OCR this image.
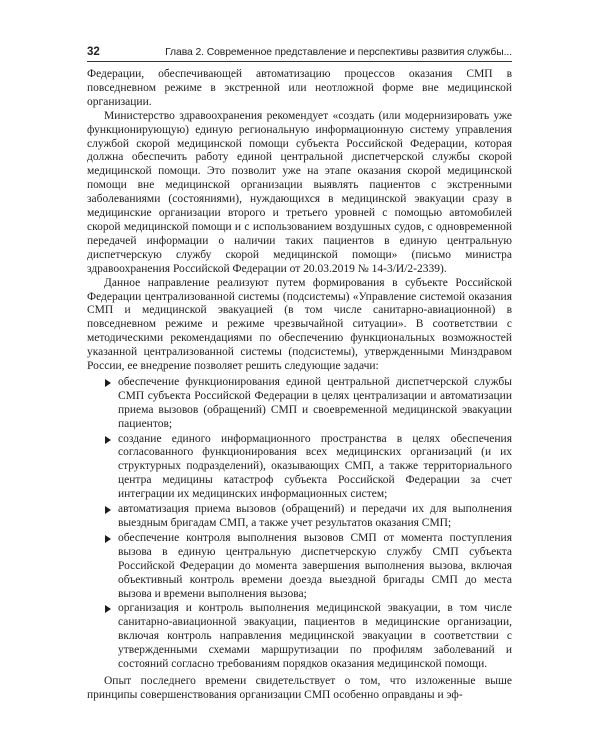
32	Глава 2. Современное представление и перспективы развития службы...

Федерации, обеспечивающей автоматизацию процессов оказания СМП в повседневном режиме в экстренной или неотложной форме вне медицинской организации.

Министерство здравоохранения рекомендует «создать (или модернизировать уже функционирующую) единую региональную информационную систему управления службой скорой медицинской помощи субъекта Российской Федерации, которая должна обеспечить работу единой центральной диспетчерской службы скорой медицинской помощи. Это позволит уже на этапе оказания скорой медицинской помощи вне медицинской организации выявлять пациентов с экстренными заболеваниями (состояниями), нуждающихся в медицинской эвакуации сразу в медицинские организации второго и третьего уровней с помощью автомобилей скорой медицинской помощи и с использованием воздушных судов, с одновременной передачей информации о наличии таких пациентов в единую центральную диспетчерскую службу скорой медицинской помощи» (письмо министра здравоохранения Российской Федерации от 20.03.2019 № 14-3/И/2-2339).

Данное направление реализуют путем формирования в субъекте Российской Федерации централизованной системы (подсистемы) «Управление системой оказания СМП и медицинской эвакуацией (в том числе санитарно-авиационной) в повседневном режиме и режиме чрезвычайной ситуации». В соответствии с методическими рекомендациями по обеспечению функциональных возможностей указанной централизованной системы (подсистемы), утвержденными Минздравом России, ее внедрение позволяет решить следующие задачи:

обеспечение функционирования единой центральной диспетчерской службы СМП субъекта Российской Федерации в целях централизации и автоматизации приема вызовов (обращений) СМП и своевременной медицинской эвакуации пациентов;
создание единого информационного пространства в целях обеспечения согласованного функционирования всех медицинских организаций (и их структурных подразделений), оказывающих СМП, а также территориального центра медицины катастроф субъекта Российской Федерации за счет интеграции их медицинских информационных систем;
автоматизация приема вызовов (обращений) и передачи их для выполнения выездным бригадам СМП, а также учет результатов оказания СМП;
обеспечение контроля выполнения вызовов СМП от момента поступления вызова в единую центральную диспетчерскую службу СМП субъекта Российской Федерации до момента завершения выполнения вызова, включая объективный контроль времени доезда выездной бригады СМП до места вызова и времени выполнения вызова;
организация и контроль выполнения медицинской эвакуации, в том числе санитарно-авиационной эвакуации, пациентов в медицинские организации, включая контроль направления медицинской эвакуации в соответствии с утвержденными схемами маршрутизации по профилям заболеваний и состояний согласно требованиям порядков оказания медицинской помощи.

Опыт последнего времени свидетельствует о том, что изложенные выше принципы совершенствования организации СМП особенно оправданы и эф-
